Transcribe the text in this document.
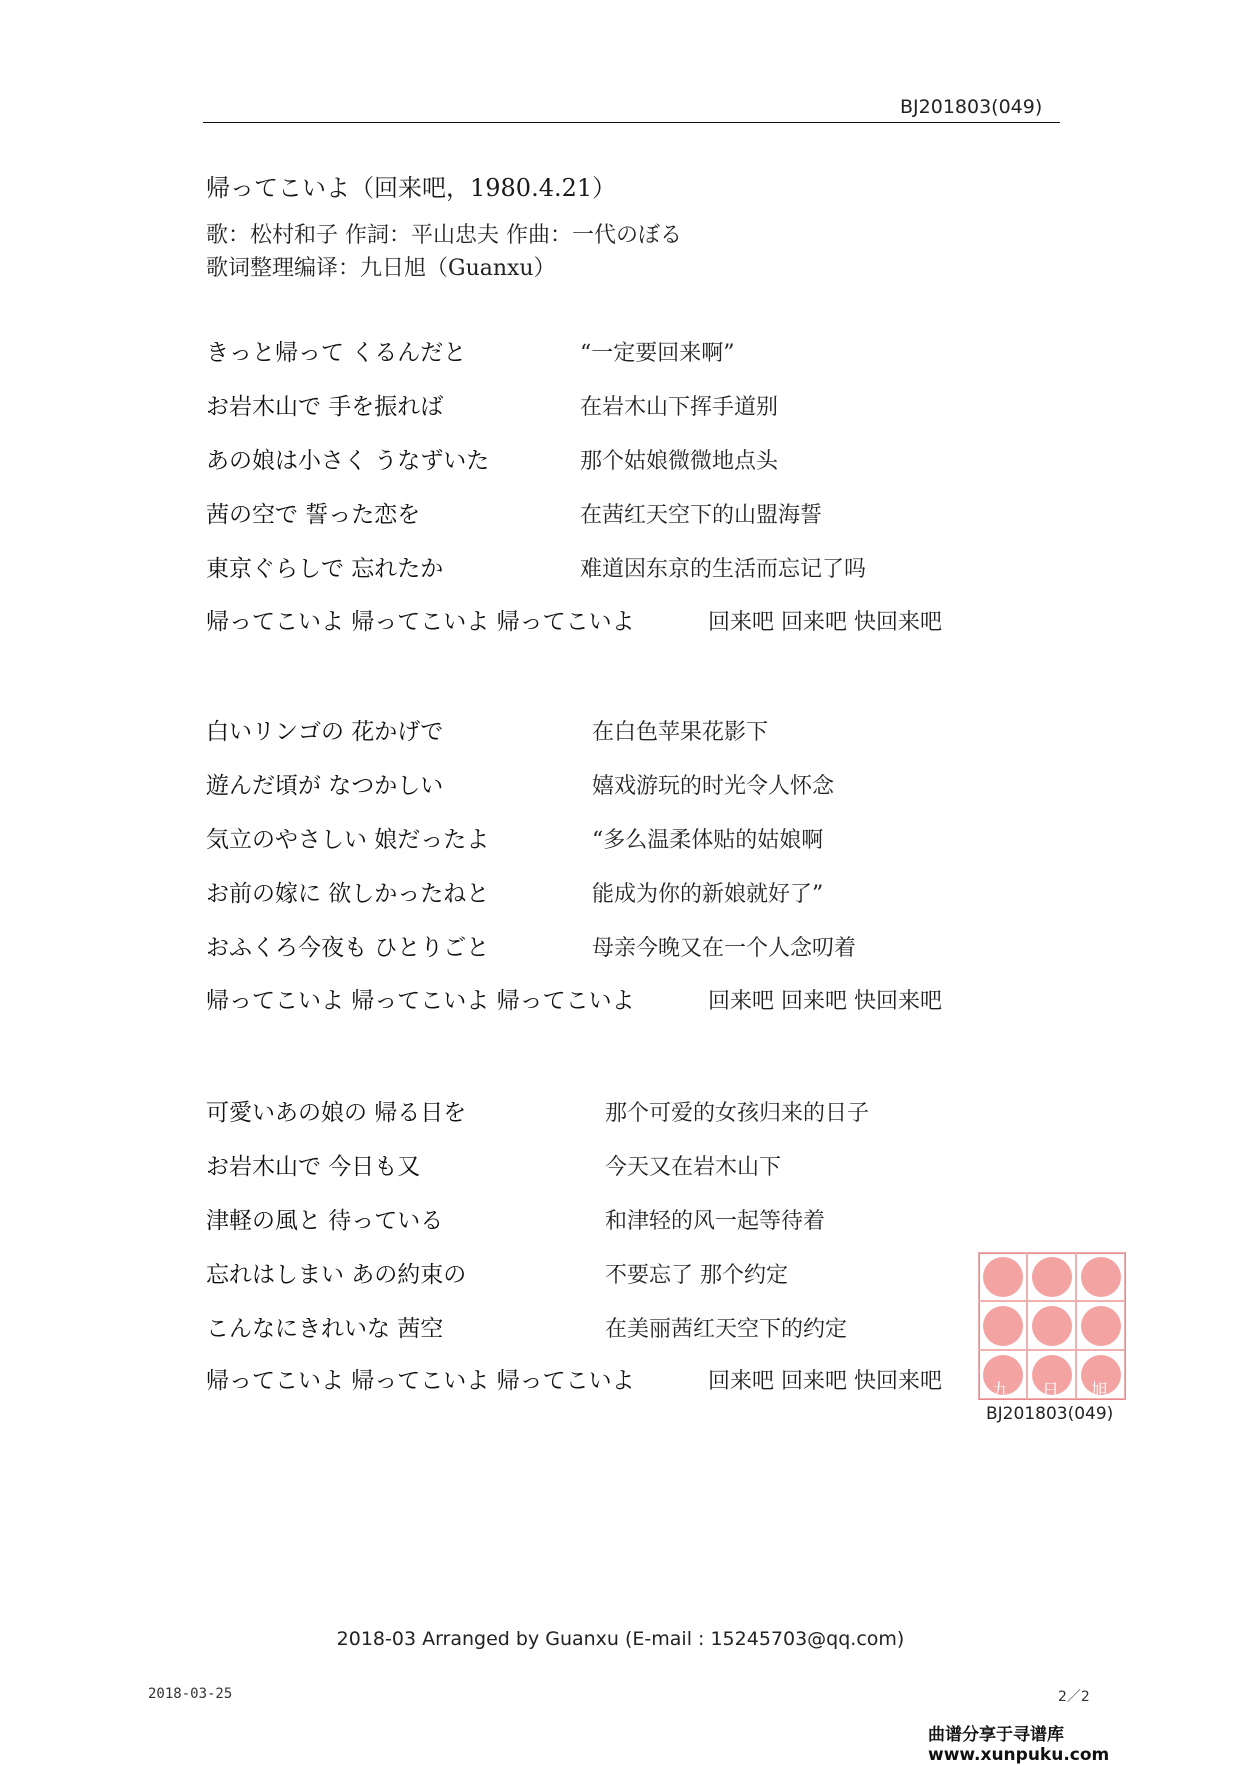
BJ201803(049)
帰ってこいよ（回来吧，1980.4.21）
歌：松村和子 作詞：平山忠夫 作曲：一代のぼる
歌词整理编译：九日旭（Guanxu）
きっと帰って くるんだと	“一定要回来啊”
お岩木山で 手を振れば	在岩木山下挥手道别
あの娘は小さく うなずいた	那个姑娘微微地点头
茜の空で 誓った恋を	在茜红天空下的山盟海誓
東京ぐらしで 忘れたか	难道因东京的生活而忘记了吗
帰ってこいよ 帰ってこいよ 帰ってこいよ	回来吧 回来吧 快回来吧
白いリンゴの 花かげで	在白色苹果花影下
遊んだ頃が なつかしい	嬉戏游玩的时光令人怀念
気立のやさしい 娘だったよ	“多么温柔体贴的姑娘啊
お前の嫁に 欲しかったねと	能成为你的新娘就好了”
おふくろ今夜も ひとりごと	母亲今晚又在一个人念叨着
帰ってこいよ 帰ってこいよ 帰ってこいよ	回来吧 回来吧 快回来吧
可愛いあの娘の 帰る日を	那个可爱的女孩归来的日子
お岩木山で 今日も又	今天又在岩木山下
津軽の風と 待っている	和津轻的风一起等待着
忘れはしまい あの約束の	不要忘了 那个约定
こんなにきれいな 茜空	在美丽茜红天空下的约定
帰ってこいよ 帰ってこいよ 帰ってこいよ	回来吧 回来吧 快回来吧	九 日 旭
BJ201803(049)
2018-03 Arranged by Guanxu (E-mail : 15245703@qq.com)
2018-03-25	2／2
曲谱分享于寻谱库 www.xunpuku.com
